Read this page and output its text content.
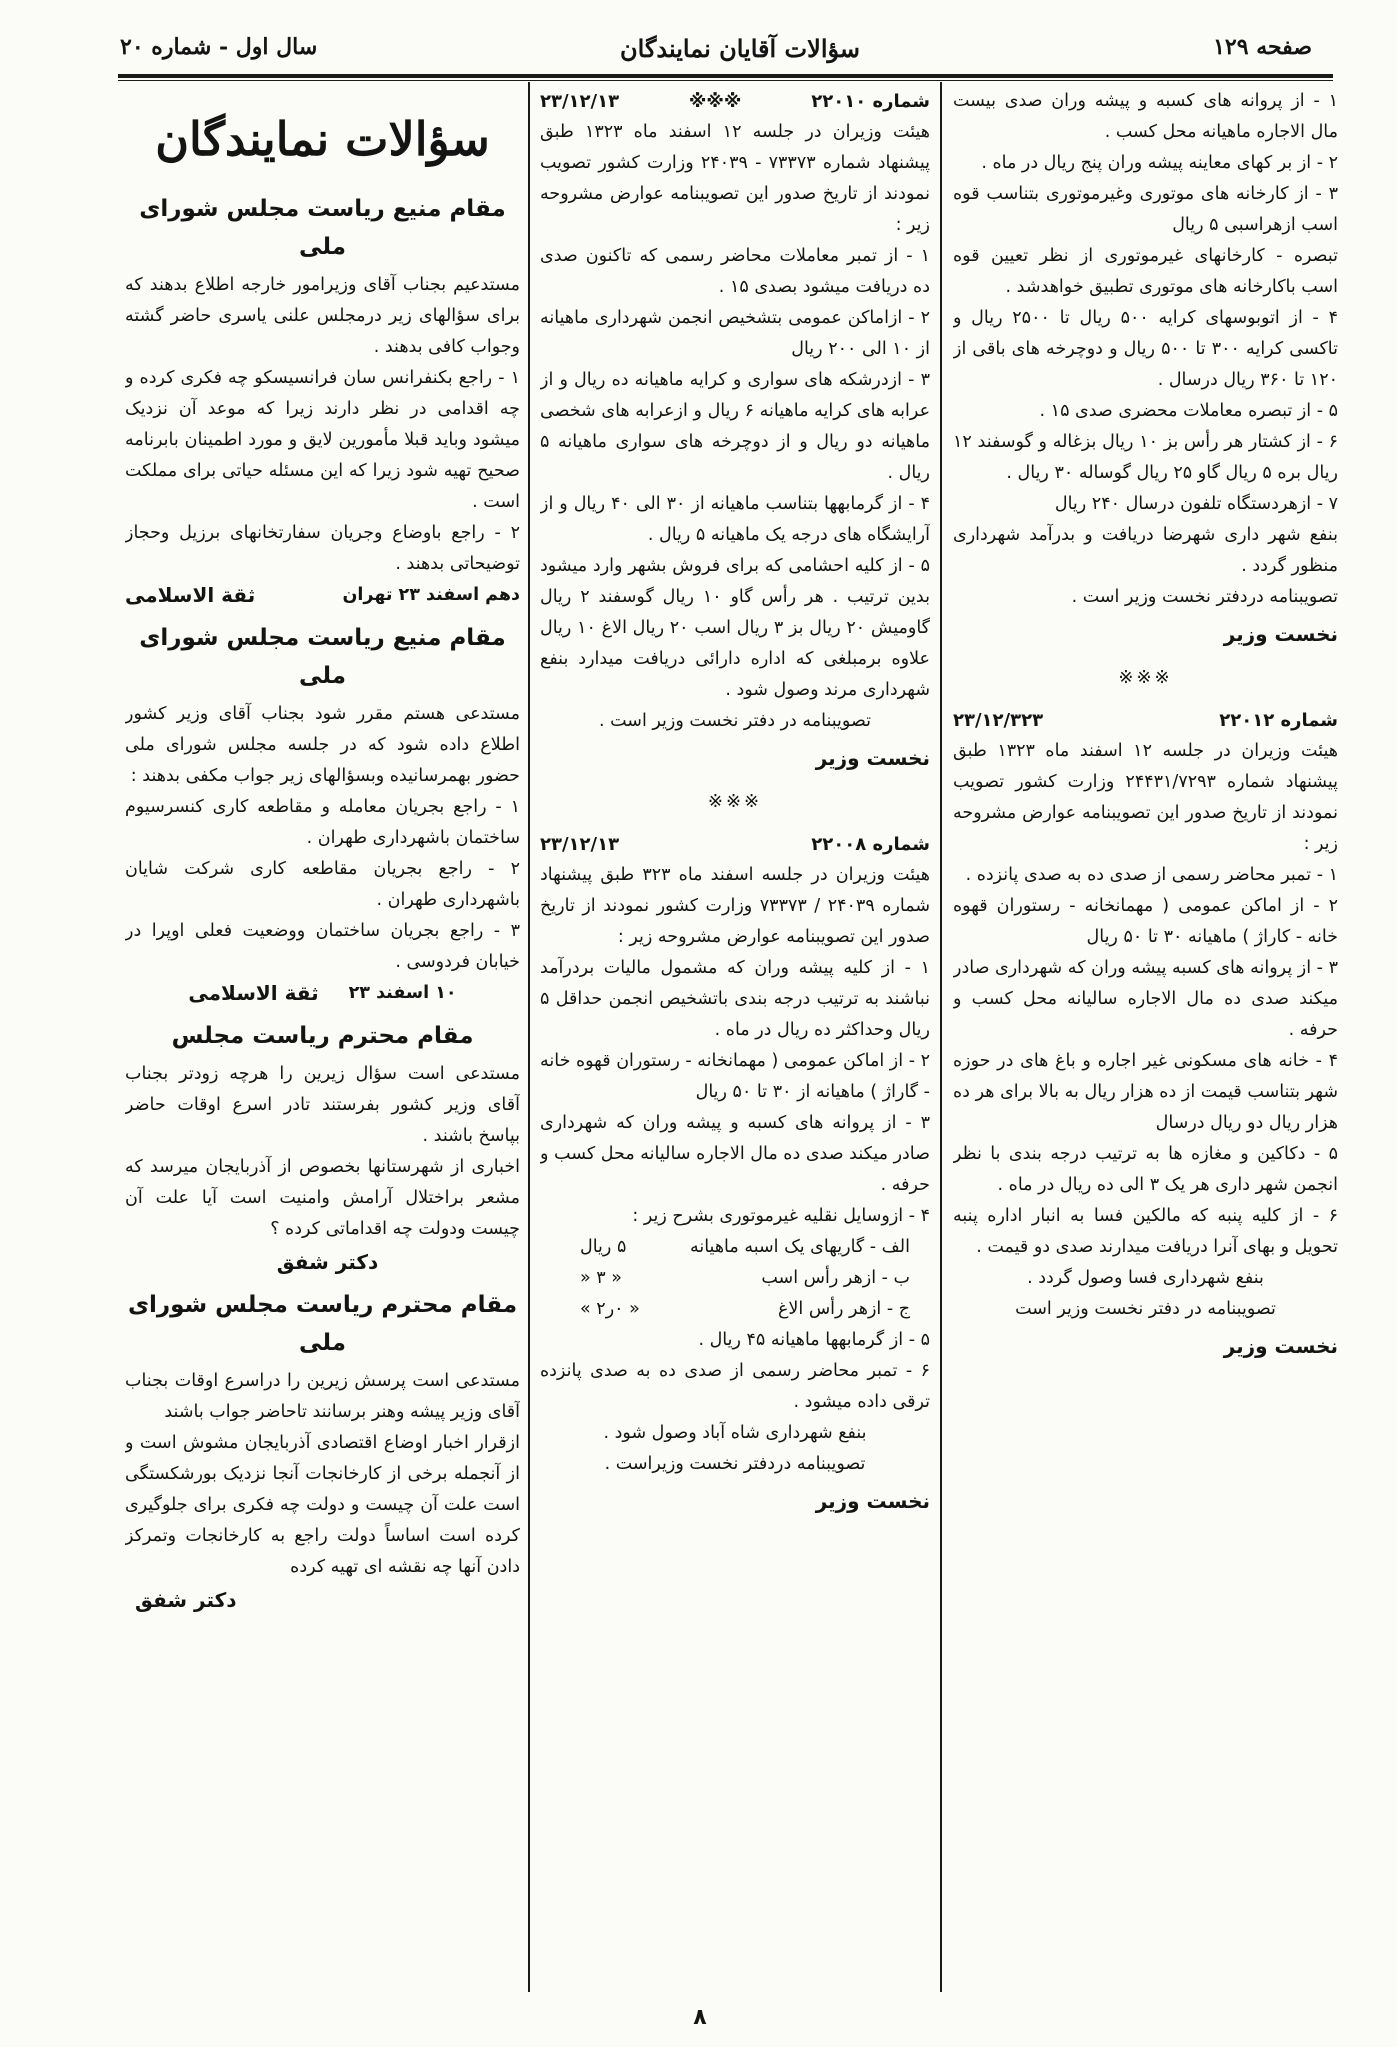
صفحه ۱۲۹
سؤالات آقایان نمایندگان
سال اول - شماره ۲۰

۱ - از پروانه های کسبه و پیشه وران صدی بیست مال الاجاره ماهیانه محل کسب .

۲ - از بر کهای معاینه پیشه وران پنج ریال در ماه .

۳ - از کارخانه های موتوری وغیرموتوری بتناسب قوه اسب ازهراسبی ۵ ریال

تبصره - کارخانهای غیرموتوری از نظر تعیین قوه اسب باکارخانه های موتوری تطبیق خواهدشد .

۴ - از اتوبوسهای کرایه ۵۰۰ ریال تا ۲۵۰۰ ریال و تاکسی کرایه ۳۰۰ تا ۵۰۰ ریال و دوچرخه های باقی از ۱۲۰ تا ۳۶۰ ریال درسال .

۵ - از تبصره معاملات محضری صدی ۱۵ .

۶ - از کشتار هر رأس بز ۱۰ ریال بزغاله و گوسفند ۱۲ ریال بره ۵ ریال گاو ۲۵ ریال گوساله ۳۰ ریال .

۷ - ازهردستگاه تلفون درسال ۲۴۰ ریال

بنفع شهر داری شهرضا دریافت و بدرآمد شهرداری منظور گردد .

تصویبنامه دردفتر نخست وزیر است .

نخست وزیر
※※※
شماره ۲۲۰۱۲
۲۳/۱۲/۳۲۳

هیئت وزیران در جلسه ۱۲ اسفند ماه ۱۳۲۳ طبق پیشنهاد شماره ۲۴۴۳۱/۷۲۹۳ وزارت کشور تصویب نمودند از تاریخ صدور این تصویبنامه عوارض مشروحه زیر :

۱ - تمبر محاضر رسمی از صدی ده به صدی پانزده .

۲ - از اماکن عمومی ( مهمانخانه - رستوران قهوه خانه - کاراژ ) ماهیانه ۳۰ تا ۵۰ ریال

۳ - از پروانه های کسبه پیشه وران که شهرداری صادر میکند صدی ده مال الاجاره سالیانه محل کسب و حرفه .

۴ - خانه های مسکونی غیر اجاره و باغ های در حوزه شهر بتناسب قیمت از ده هزار ریال به بالا برای هر ده هزار ریال دو ریال درسال

۵ - دکاکین و مغازه ها به ترتیب درجه بندی با نظر انجمن شهر داری هر یک ۳ الی ده ریال در ماه .

۶ - از کلیه پنبه که مالکین فسا به انبار اداره پنبه تحویل و بهای آنرا دریافت میدارند صدی دو قیمت .

بنفع شهرداری فسا وصول گردد .

تصویبنامه در دفتر نخست وزیر است

نخست وزیر
شماره ۲۲۰۱۰
※※※
۲۳/۱۲/۱۳

هیئت وزیران در جلسه ۱۲ اسفند ماه ۱۳۲۳ طبق پیشنهاد شماره ۷۳۳۷۳ - ۲۴۰۳۹ وزارت کشور تصویب نمودند از تاریخ صدور این تصویبنامه عوارض مشروحه زیر :

۱ - از تمبر معاملات محاضر رسمی که تاکنون صدی ده دریافت میشود بصدی ۱۵ .

۲ - ازاماکن عمومی بتشخیص انجمن شهرداری ماهیانه از ۱۰ الی ۲۰۰ ریال

۳ - ازدرشکه های سواری و کرایه ماهیانه ده ریال و از عرابه های کرایه ماهیانه ۶ ریال و ازعرابه های شخصی ماهیانه دو ریال و از دوچرخه های سواری ماهیانه ۵ ریال .

۴ - از گرمابهها بتناسب ماهیانه از ۳۰ الی ۴۰ ریال و از آرایشگاه های درجه یک ماهیانه ۵ ریال .

۵ - از کلیه احشامی که برای فروش بشهر وارد میشود بدین ترتیب . هر رأس گاو ۱۰ ریال گوسفند ۲ ریال گاومیش ۲۰ ریال بز ۳ ریال اسب ۲۰ ریال الاغ ۱۰ ریال علاوه برمبلغی که اداره دارائی دریافت میدارد بنفع شهرداری مرند وصول شود .

تصویبنامه در دفتر نخست وزیر است .

نخست وزیر
※※※
شماره ۲۲۰۰۸
۲۳/۱۲/۱۳

هیئت وزیران در جلسه اسفند ماه ۳۲۳ طبق پیشنهاد شماره ۲۴۰۳۹ / ۷۳۳۷۳ وزارت کشور نمودند از تاریخ صدور این تصویبنامه عوارض مشروحه زیر :

۱ - از کلیه پیشه وران که مشمول مالیات بردرآمد نباشند به ترتیب درجه بندی باتشخیص انجمن حداقل ۵ ریال وحداکثر ده ریال در ماه .

۲ - از اماکن عمومی ( مهمانخانه - رستوران قهوه خانه - گاراژ ) ماهیانه از ۳۰ تا ۵۰ ریال

۳ - از پروانه های کسبه و پیشه وران که شهرداری صادر میکند صدی ده مال الاجاره سالیانه محل کسب و حرفه .

۴ - ازوسایل نقلیه غیرموتوری بشرح زیر :

الف - گاریهای یک اسبه ماهیانه
۵ ریال
ب - ازهر رأس اسب
« ۳ «
ج - ازهر رأس الاغ
« ۰ر۲ »

۵ - از گرمابهها ماهیانه ۴۵ ریال .

۶ - تمبر محاضر رسمی از صدی ده به صدی پانزده ترقی داده میشود .

بنفع شهرداری شاه آباد وصول شود .

تصویبنامه دردفتر نخست وزیراست .

نخست وزیر
سؤالات نمایندگان
مقام منیع ریاست مجلس شورای ملی

مستدعیم بجناب آقای وزیرامور خارجه اطلاع بدهند که برای سؤالهای زیر درمجلس علنی یاسری حاضر گشته وجواب کافی بدهند .

۱ - راجع بکنفرانس سان فرانسیسکو چه فکری کرده و چه اقدامی در نظر دارند زیرا که موعد آن نزدیک میشود وباید قبلا مأمورین لایق و مورد اطمینان بابرنامه صحیح تهیه شود زیرا که این مسئله حیاتی برای مملکت است .

۲ - راجع باوضاع وجریان سفارتخانهای برزیل وحجاز توضیحاتی بدهند .

دهم اسفند ۲۳ تهران
ثقة الاسلامی
مقام منیع ریاست مجلس شورای ملی

مستدعی هستم مقرر شود بجناب آقای وزیر کشور اطلاع داده شود که در جلسه مجلس شورای ملی حضور بهمرسانیده وبسؤالهای زیر جواب مکفی بدهند :

۱ - راجع بجریان معامله و مقاطعه کاری کنسرسیوم ساختمان باشهرداری طهران .

۲ - راجع بجریان مقاطعه کاری شرکت شایان باشهرداری طهران .

۳ - راجع بجریان ساختمان ووضعیت فعلی اوپرا در خیابان فردوسی .

۱۰ اسفند ۲۳
ثقة الاسلامی
مقام محترم ریاست مجلس

مستدعی است سؤال زیرین را هرچه زودتر بجناب آقای وزیر کشور بفرستند تادر اسرع اوقات حاضر بپاسخ باشند .

اخباری از شهرستانها بخصوص از آذربایجان میرسد که مشعر براختلال آرامش وامنیت است آیا علت آن چیست ودولت چه اقداماتی کرده ؟

دکتر شفق
مقام محترم ریاست مجلس شورای ملی

مستدعی است پرسش زیرین را دراسرع اوقات بجناب آقای وزیر پیشه وهنر برسانند تاحاضر جواب باشند

ازقرار اخبار اوضاع اقتصادی آذربایجان مشوش است و از آنجمله برخی از کارخانجات آنجا نزدیک بورشکستگی است علت آن چیست و دولت چه فکری برای جلوگیری کرده است اساساً دولت راجع به کارخانجات وتمرکز دادن آنها چه نقشه ای تهیه کرده

دکتر شفق
۸
